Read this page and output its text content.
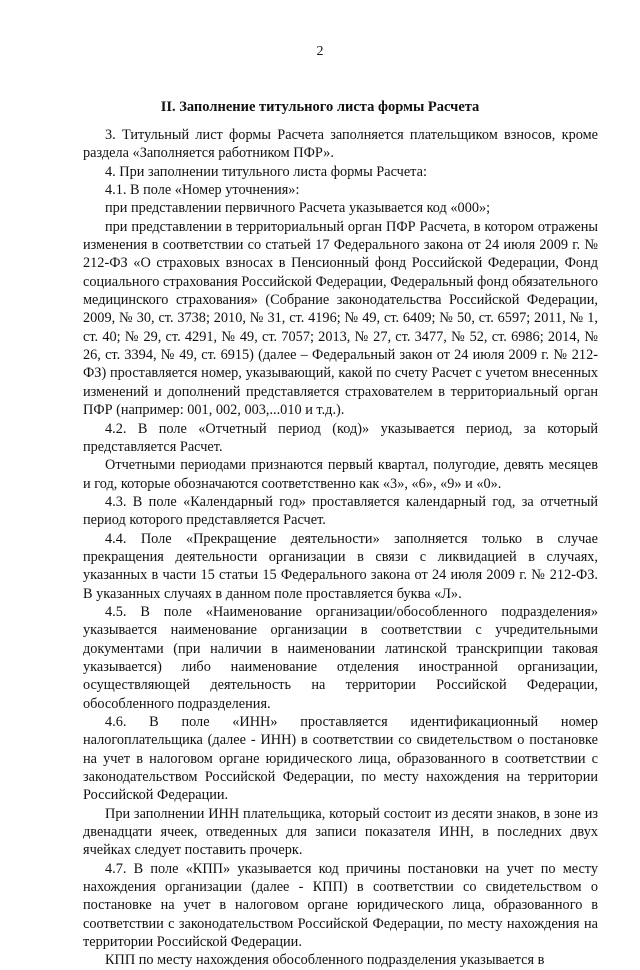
2
II. Заполнение титульного листа формы Расчета

3. Титульный лист формы Расчета заполняется плательщиком взносов, кроме раздела «Заполняется работником ПФР».

4. При заполнении титульного листа формы Расчета:

4.1. В поле «Номер уточнения»:

при представлении первичного Расчета указывается код «000»;

при представлении в территориальный орган ПФР Расчета, в котором отражены изменения в соответствии со статьей 17 Федерального закона от 24 июля 2009 г. № 212-ФЗ «О страховых взносах в Пенсионный фонд Российской Федерации, Фонд социального страхования Российской Федерации, Федеральный фонд обязательного медицинского страхования» (Собрание законодательства Российской Федерации, 2009, № 30, ст. 3738; 2010, № 31, ст. 4196; № 49, ст. 6409; № 50, ст. 6597; 2011, № 1, ст. 40; № 29, ст. 4291, № 49, ст. 7057; 2013, № 27, ст. 3477, № 52, ст. 6986; 2014, № 26, ст. 3394, № 49, ст. 6915) (далее – Федеральный закон от 24 июля 2009 г. № 212-ФЗ) проставляется номер, указывающий, какой по счету Расчет с учетом внесенных изменений и дополнений представляется страхователем в территориальный орган ПФР (например: 001, 002, 003,...010 и т.д.).

4.2. В поле «Отчетный период (код)» указывается период, за который представляется Расчет.

Отчетными периодами признаются первый квартал, полугодие, девять месяцев и год, которые обозначаются соответственно как «3», «6», «9» и «0».

4.3. В поле «Календарный год» проставляется календарный год, за отчетный период которого представляется Расчет.

4.4. Поле «Прекращение деятельности» заполняется только в случае прекращения деятельности организации в связи с ликвидацией в случаях, указанных в части 15 статьи 15 Федерального закона от 24 июля 2009 г. № 212-ФЗ. В указанных случаях в данном поле проставляется буква «Л».

4.5. В поле «Наименование организации/обособленного подразделения» указывается наименование организации в соответствии с учредительными документами (при наличии в наименовании латинской транскрипции таковая указывается) либо наименование отделения иностранной организации, осуществляющей деятельность на территории Российской Федерации, обособленного подразделения.

4.6. В поле «ИНН» проставляется идентификационный номер налогоплательщика (далее - ИНН) в соответствии со свидетельством о постановке на учет в налоговом органе юридического лица, образованного в соответствии с законодательством Российской Федерации, по месту нахождения на территории Российской Федерации.

При заполнении ИНН плательщика, который состоит из десяти знаков, в зоне из двенадцати ячеек, отведенных для записи показателя ИНН, в последних двух ячейках следует поставить прочерк.

4.7. В поле «КПП» указывается код причины постановки на учет по месту нахождения организации (далее - КПП) в соответствии со свидетельством о постановке на учет в налоговом органе юридического лица, образованного в соответствии с законодательством Российской Федерации, по месту нахождения на территории Российской Федерации.

КПП по месту нахождения обособленного подразделения указывается в
